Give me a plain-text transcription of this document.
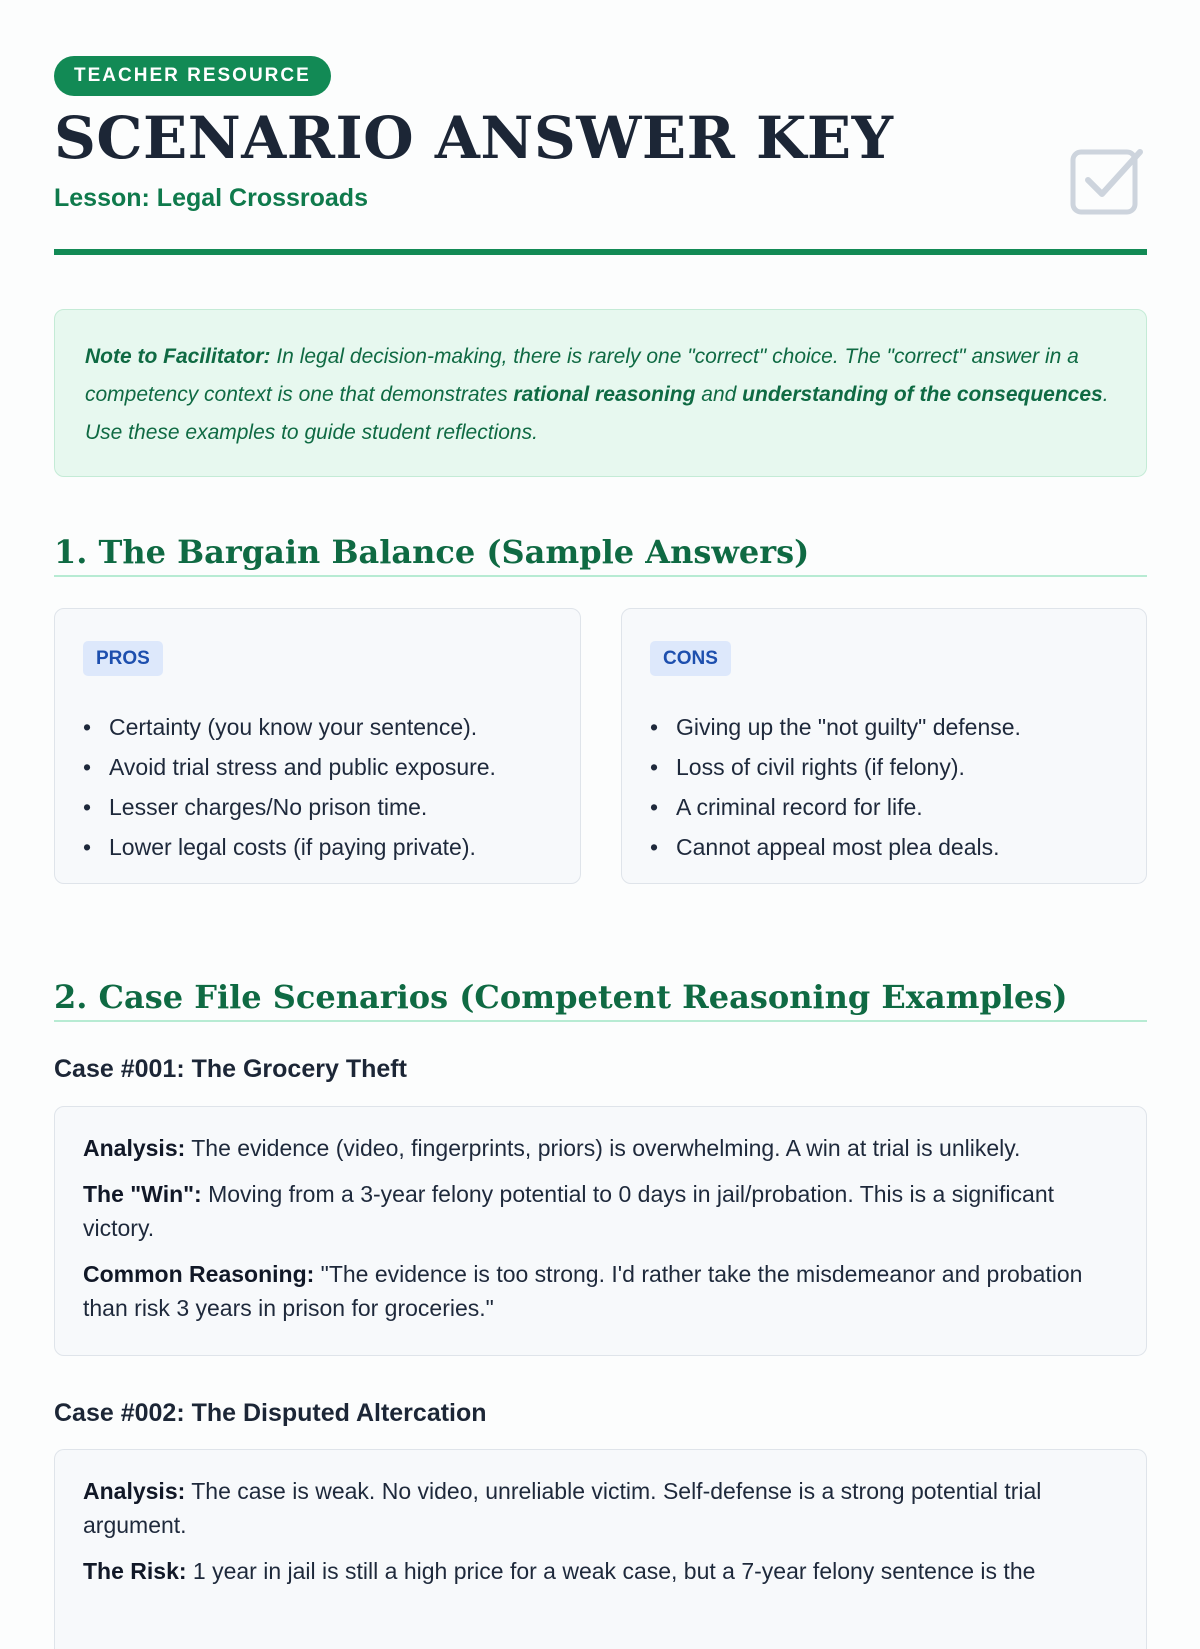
TEACHER RESOURCE
SCENARIO ANSWER KEY
Lesson: Legal Crossroads
Note to Facilitator: In legal decision-making, there is rarely one "correct" choice. The "correct" answer in a competency context is one that demonstrates rational reasoning and understanding of the consequences. Use these examples to guide student reflections.
1. The Bargain Balance (Sample Answers)
PROS
• Certainty (you know your sentence).
• Avoid trial stress and public exposure.
• Lesser charges/No prison time.
• Lower legal costs (if paying private).
CONS
• Giving up the "not guilty" defense.
• Loss of civil rights (if felony).
• A criminal record for life.
• Cannot appeal most plea deals.
2. Case File Scenarios (Competent Reasoning Examples)
Case #001: The Grocery Theft

Analysis: The evidence (video, fingerprints, priors) is overwhelming. A win at trial is unlikely.

The "Win": Moving from a 3-year felony potential to 0 days in jail/probation. This is a significant victory.

Common Reasoning: "The evidence is too strong. I'd rather take the misdemeanor and probation than risk 3 years in prison for groceries."

Case #002: The Disputed Altercation

Analysis: The case is weak. No video, unreliable victim. Self-defense is a strong potential trial argument.

The Risk: 1 year in jail is still a high price for a weak case, but a 7-year felony sentence is the
